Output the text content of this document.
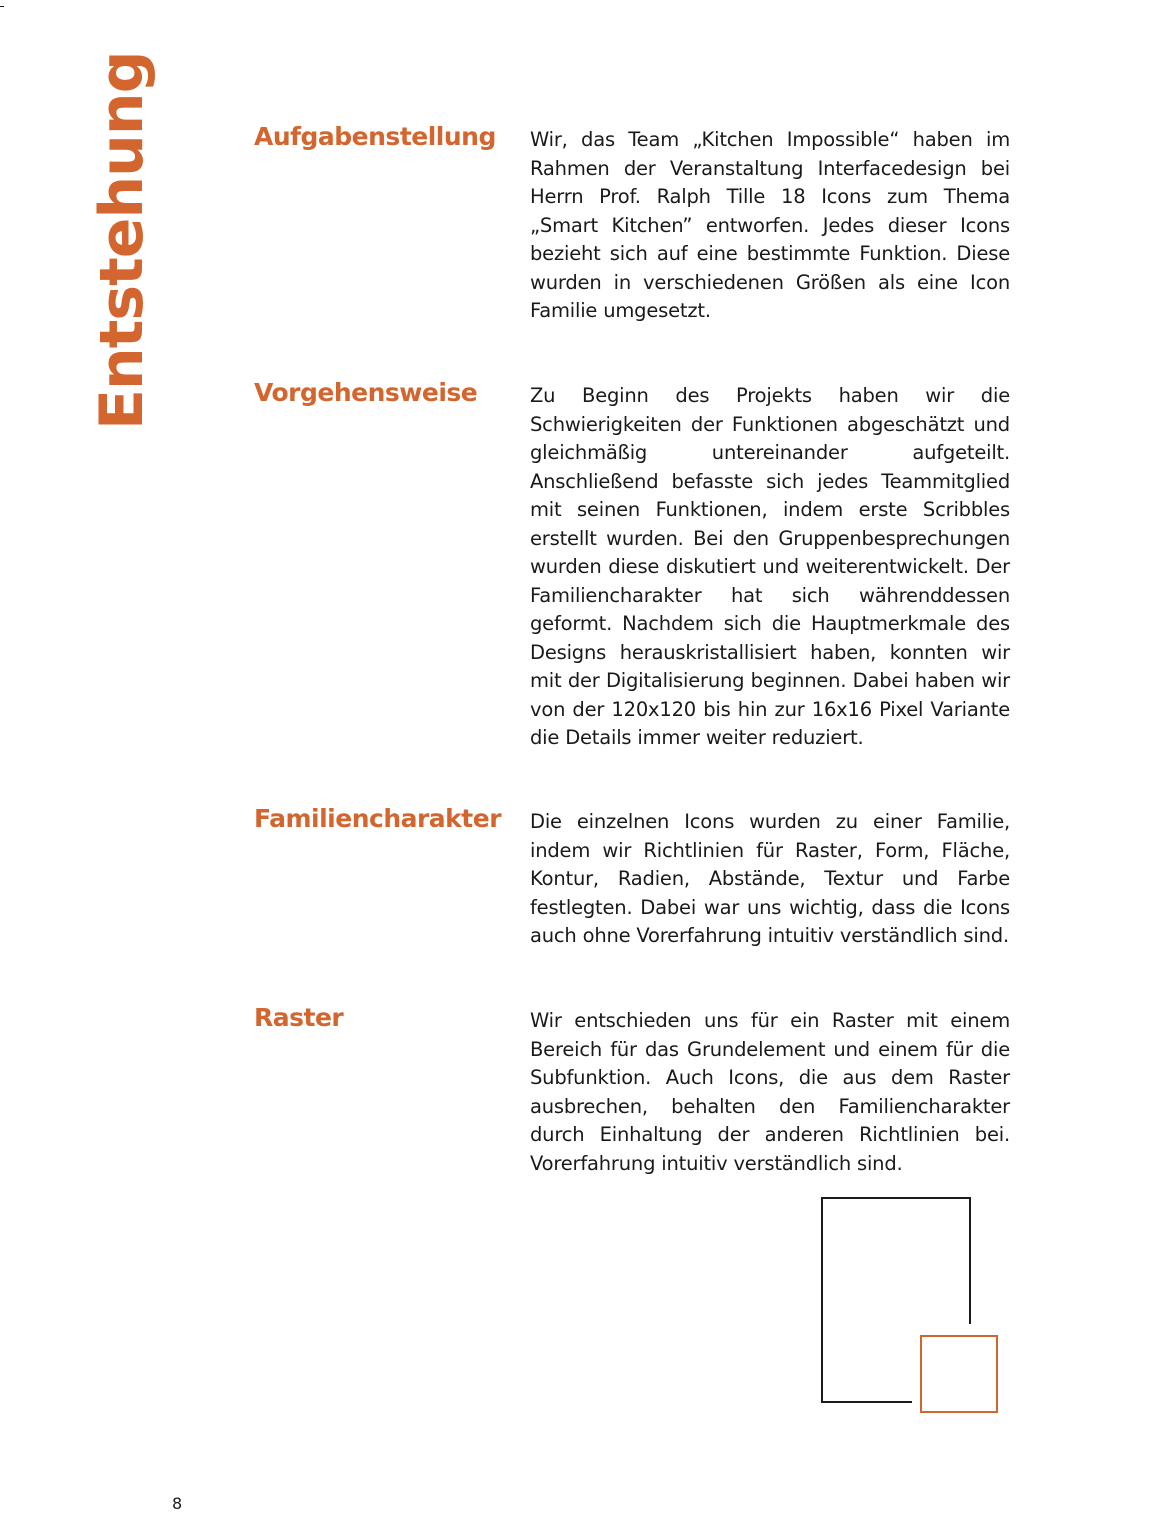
Entstehung	Aufgabenstellung Wir, das Team „Kitchen Impossible“ haben im Rahmen der Veranstaltung Interfacedesign bei Herrn Prof. Ralph Tille 18 Icons zum Thema „Smart Kitchen” entworfen. Jedes dieser Icons bezieht sich auf eine bestimmte Funktion. Diese wurden in verschiedenen Größen als eine Icon Familie umgesetzt.

Vorgehensweise	Zu Beginn des Projekts haben wir die Schwierigkeiten der Funktionen abgeschätzt und gleichmäßig untereinander aufgeteilt. Anschließend befasste sich jedes Teammitglied mit seinen Funktionen, indem erste Scribbles erstellt wurden. Bei den Gruppenbesprechungen wurden diese diskutiert und weiterentwickelt. Der Familiencharakter hat sich währenddessen geformt. Nachdem sich die Hauptmerkmale des Designs herauskristallisiert haben, konnten wir mit der Digitalisierung beginnen. Dabei haben wir von der 120x120 bis hin zur 16x16 Pixel Variante die Details immer weiter reduziert.

Familiencharakter Die einzelnen Icons wurden zu einer Familie, indem wir Richtlinien für Raster, Form, Fläche, Kontur, Radien, Abstände, Textur und Farbe festlegten. Dabei war uns wichtig, dass die Icons auch ohne Vorerfahrung intuitiv verständlich sind.

Raster	Wir entschieden uns für ein Raster mit einem Bereich für das Grundelement und einem für die Subfunktion. Auch Icons, die aus dem Raster ausbrechen, behalten den Familiencharakter durch Einhaltung der anderen Richtlinien bei. Vorerfahrung intuitiv verständlich sind.

8
